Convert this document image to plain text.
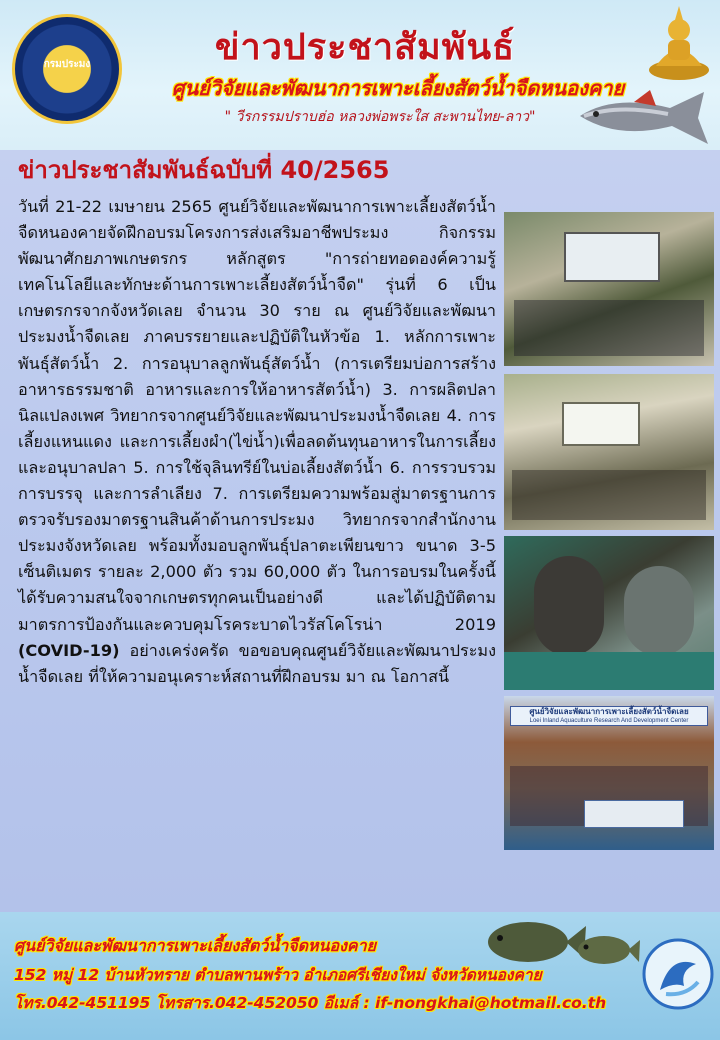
กรมประมง	ข่าวประชาสัมพันธ์
ศูนย์วิจัยและพัฒนาการเพาะเลี้ยงสัตว์น้ำจืดหนองคาย
" วีรกรรมปราบฮ่อ หลวงพ่อพระใส สะพานไทย-ลาว"
ข่าวประชาสัมพันธ์ฉบับที่ 40/2565
วันที่ 21-22 เมษายน 2565 ศูนย์วิจัยและพัฒนาการเพาะเลี้ยงสัตว์น้ำจืดหนองคายจัดฝึกอบรมโครงการส่งเสริมอาชีพประมง กิจกรรมพัฒนาศักยภาพเกษตรกร หลักสูตร "การถ่ายทอดองค์ความรู้เทคโนโลยีและทักษะด้านการเพาะเลี้ยงสัตว์น้ำจืด" รุ่นที่ 6 เป็นเกษตรกรจากจังหวัดเลย จำนวน 30 ราย ณ ศูนย์วิจัยและพัฒนาประมงน้ำจืดเลย ภาคบรรยายและปฏิบัติในหัวข้อ 1. หลักการเพาะพันธุ์สัตว์น้ำ 2. การอนุบาลลูกพันธุ์สัตว์น้ำ (การเตรียมบ่อการสร้างอาหารธรรมชาติ อาหารและการให้อาหารสัตว์น้ำ) 3. การผลิตปลานิลแปลงเพศ วิทยากรจากศูนย์วิจัยและพัฒนาประมงน้ำจืดเลย 4. การเลี้ยงแหนแดง และการเลี้ยงผำ(ไข่น้ำ)เพื่อลดต้นทุนอาหารในการเลี้ยงและอนุบาลปลา 5. การใช้จุลินทรีย์ในบ่อเลี้ยงสัตว์น้ำ 6. การรวบรวม การบรรจุ และการลำเลียง 7. การเตรียมความพร้อมสู่มาตรฐานการตรวจรับรองมาตรฐานสินค้าด้านการประมง วิทยากรจากสำนักงานประมงจังหวัดเลย พร้อมทั้งมอบลูกพันธุ์ปลาตะเพียนขาว ขนาด 3-5 เซ็นติเมตร รายละ 2,000 ตัว รวม 60,000 ตัว ในการอบรมในครั้งนี้ได้รับความสนใจจากเกษตรทุกคนเป็นอย่างดี และได้ปฏิบัติตามมาตรการป้องกันและควบคุมโรคระบาดไวรัสโคโรน่า 2019 (COVID-19) อย่างเคร่งครัด ขอขอบคุณศูนย์วิจัยและพัฒนาประมงน้ำจืดเลย ที่ให้ความอนุเคราะห์สถานที่ฝึกอบรม มา ณ โอกาสนี้
ศูนย์วิจัยและพัฒนาการเพาะเลี้ยงสัตว์น้ำจืดเลย
Loei Inland Aquaculture Research And Development Center
ศูนย์วิจัยและพัฒนาการเพาะเลี้ยงสัตว์น้ำจืดหนองคาย
152 หมู่ 12 บ้านหัวทราย ตำบลพานพร้าว อำเภอศรีเชียงใหม่ จังหวัดหนองคาย
โทร.042-451195 โทรสาร.042-452050 อีเมล์ : if-nongkhai@hotmail.co.th
